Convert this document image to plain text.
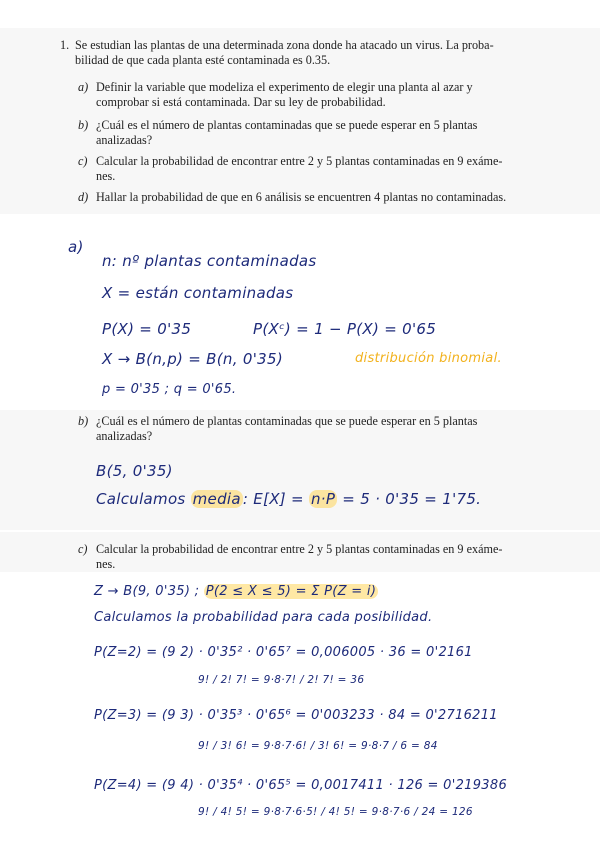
1. Se estudian las plantas de una determinada zona donde ha atacado un virus. La proba-
bilidad de que cada planta esté contaminada es 0.35.
a) Definir la variable que modeliza el experimento de elegir una planta al azar y
comprobar si está contaminada. Dar su ley de probabilidad.
b) ¿Cuál es el número de plantas contaminadas que se puede esperar en 5 plantas
analizadas?
c) Calcular la probabilidad de encontrar entre 2 y 5 plantas contaminadas en 9 exáme-
nes.
d) Hallar la probabilidad de que en 6 análisis se encuentren 4 plantas no contaminadas.
a)
n: nº plantas contaminadas
X = están contaminadas
P(X) = 0'35	P(Xᶜ) = 1 − P(X) = 0'65
X → B(n,p) = B(n, 0'35)	distribución binomial.
p = 0'35 ; q = 0'65.
b) ¿Cuál es el número de plantas contaminadas que se puede esperar en 5 plantas
analizadas?
B(5, 0'35)
Calculamos media : E[X] = n·P = 5 · 0'35 = 1'75.
c) Calcular la probabilidad de encontrar entre 2 y 5 plantas contaminadas en 9 exáme-
nes.
Z → B(9, 0'35) ; P(2 ≤ X ≤ 5) = Σ P(Z = i)
Calculamos la probabilidad para cada posibilidad.
P(Z=2) = (9 2) · 0'35² · 0'65⁷ = 0,006005 · 36 = 0'2161
9! / 2! 7! = 9·8·7! / 2! 7! = 36
P(Z=3) = (9 3) · 0'35³ · 0'65⁶ = 0'003233 · 84 = 0'2716211
9! / 3! 6! = 9·8·7·6! / 3! 6! = 9·8·7 / 6 = 84
P(Z=4) = (9 4) · 0'35⁴ · 0'65⁵ = 0,0017411 · 126 = 0'219386
9! / 4! 5! = 9·8·7·6·5! / 4! 5! = 9·8·7·6 / 24 = 126
